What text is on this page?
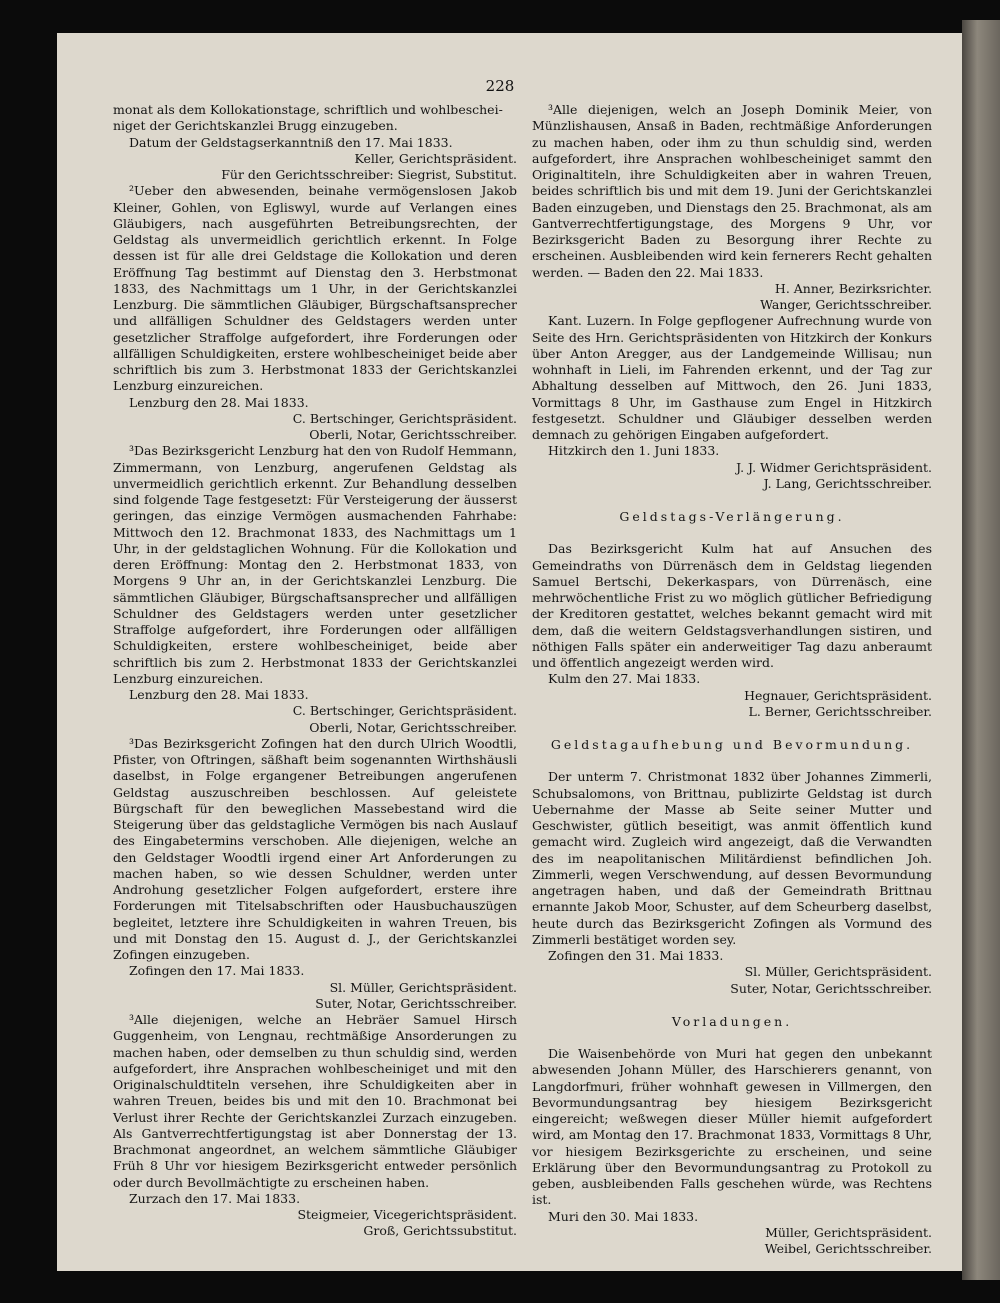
228

monat als dem Kollokationstage, schriftlich und wohlbeschei-

niget der Gerichtskanzlei Brugg einzugeben.

Datum der Geldstagserkanntniß den 17. Mai 1833.

Keller, Gerichtspräsident.

Für den Gerichtsschreiber: Siegrist, Substitut.

²Ueber den abwesenden, beinahe vermögenslosen Jakob Kleiner, Gohlen, von Egliswyl, wurde auf Verlangen eines Gläubigers, nach ausgeführten Betreibungsrechten, der Geldstag als unvermeidlich gerichtlich erkennt. In Folge dessen ist für alle drei Geldstage die Kollokation und deren Eröffnung Tag bestimmt auf Dienstag den 3. Herbstmonat 1833, des Nachmittags um 1 Uhr, in der Gerichtskanzlei Lenzburg. Die sämmtlichen Gläubiger, Bürgschaftsansprecher und allfälligen Schuldner des Geldstagers werden unter gesetzlicher Straffolge aufgefordert, ihre Forderungen oder allfälligen Schuldigkeiten, erstere wohlbescheiniget beide aber schriftlich bis zum 3. Herbstmonat 1833 der Gerichtskanzlei Lenzburg einzureichen.

Lenzburg den 28. Mai 1833.

C. Bertschinger, Gerichtspräsident.

Oberli, Notar, Gerichtsschreiber.

³Das Bezirksgericht Lenzburg hat den von Rudolf Hemmann, Zimmermann, von Lenzburg, angerufenen Geldstag als unvermeidlich gerichtlich erkennt. Zur Behandlung desselben sind folgende Tage festgesetzt: Für Versteigerung der äusserst geringen, das einzige Vermögen ausmachenden Fahrhabe: Mittwoch den 12. Brachmonat 1833, des Nachmittags um 1 Uhr, in der geldstaglichen Wohnung. Für die Kollokation und deren Eröffnung: Montag den 2. Herbstmonat 1833, von Morgens 9 Uhr an, in der Gerichtskanzlei Lenzburg. Die sämmtlichen Gläubiger, Bürgschaftsansprecher und allfälligen Schuldner des Geldstagers werden unter gesetzlicher Straffolge aufgefordert, ihre Forderungen oder allfälligen Schuldigkeiten, erstere wohlbescheiniget, beide aber schriftlich bis zum 2. Herbstmonat 1833 der Gerichtskanzlei Lenzburg einzureichen.

Lenzburg den 28. Mai 1833.

C. Bertschinger, Gerichtspräsident.

Oberli, Notar, Gerichtsschreiber.

³Das Bezirksgericht Zofingen hat den durch Ulrich Woodtli, Pfister, von Oftringen, säßhaft beim sogenannten Wirthshäusli daselbst, in Folge ergangener Betreibungen angerufenen Geldstag auszuschreiben beschlossen. Auf geleistete Bürgschaft für den beweglichen Massebestand wird die Steigerung über das geldstagliche Vermögen bis nach Auslauf des Eingabetermins verschoben. Alle diejenigen, welche an den Geldstager Woodtli irgend einer Art Anforderungen zu machen haben, so wie dessen Schuldner, werden unter Androhung gesetzlicher Folgen aufgefordert, erstere ihre Forderungen mit Titelsabschriften oder Hausbuchauszügen begleitet, letztere ihre Schuldigkeiten in wahren Treuen, bis und mit Donstag den 15. August d. J., der Gerichtskanzlei Zofingen einzugeben.

Zofingen den 17. Mai 1833.

Sl. Müller, Gerichtspräsident.

Suter, Notar, Gerichtsschreiber.

³Alle diejenigen, welche an Hebräer Samuel Hirsch Guggenheim, von Lengnau, rechtmäßige Ansorderungen zu machen haben, oder demselben zu thun schuldig sind, werden aufgefordert, ihre Ansprachen wohlbescheiniget und mit den Originalschuldtiteln versehen, ihre Schuldigkeiten aber in wahren Treuen, beides bis und mit den 10. Brachmonat bei Verlust ihrer Rechte der Gerichtskanzlei Zurzach einzugeben. Als Gantverrechtfertigungstag ist aber Donnerstag der 13. Brachmonat angeordnet, an welchem sämmtliche Gläubiger Früh 8 Uhr vor hiesigem Bezirksgericht entweder persönlich oder durch Bevollmächtigte zu erscheinen haben.

Zurzach den 17. Mai 1833.

Steigmeier, Vicegerichtspräsident.

Groß, Gerichtssubstitut.

³Alle diejenigen, welch an Joseph Dominik Meier, von Münzlishausen, Ansaß in Baden, rechtmäßige Anforderungen zu machen haben, oder ihm zu thun schuldig sind, werden aufgefordert, ihre Ansprachen wohlbescheiniget sammt den Originaltiteln, ihre Schuldigkeiten aber in wahren Treuen, beides schriftlich bis und mit dem 19. Juni der Gerichtskanzlei Baden einzugeben, und Dienstags den 25. Brachmonat, als am Gantverrechtfertigungstage, des Morgens 9 Uhr, vor Bezirksgericht Baden zu Besorgung ihrer Rechte zu erscheinen. Ausbleibenden wird kein fernerers Recht gehalten werden. — Baden den 22. Mai 1833.

H. Anner, Bezirksrichter.

Wanger, Gerichtsschreiber.

Kant. Luzern. In Folge gepflogener Aufrechnung wurde von Seite des Hrn. Gerichtspräsidenten von Hitzkirch der Konkurs über Anton Aregger, aus der Landgemeinde Willisau; nun wohnhaft in Lieli, im Fahrenden erkennt, und der Tag zur Abhaltung desselben auf Mittwoch, den 26. Juni 1833, Vormittags 8 Uhr, im Gasthause zum Engel in Hitzkirch festgesetzt. Schuldner und Gläubiger desselben werden demnach zu gehörigen Eingaben aufgefordert.

Hitzkirch den 1. Juni 1833.

J. J. Widmer Gerichtspräsident.

J. Lang, Gerichtsschreiber.

Geldstags-Verlängerung.

Das Bezirksgericht Kulm hat auf Ansuchen des Gemeindraths von Dürrenäsch dem in Geldstag liegenden Samuel Bertschi, Dekerkaspars, von Dürrenäsch, eine mehrwöchentliche Frist zu wo möglich gütlicher Befriedigung der Kreditoren gestattet, welches bekannt gemacht wird mit dem, daß die weitern Geldstagsverhandlungen sistiren, und nöthigen Falls später ein anderweitiger Tag dazu anberaumt und öffentlich angezeigt werden wird.

Kulm den 27. Mai 1833.

Hegnauer, Gerichtspräsident.

L. Berner, Gerichtsschreiber.

Geldstagaufhebung und Bevormundung.

Der unterm 7. Christmonat 1832 über Johannes Zimmerli, Schubsalomons, von Brittnau, publizirte Geldstag ist durch Uebernahme der Masse ab Seite seiner Mutter und Geschwister, gütlich beseitigt, was anmit öffentlich kund gemacht wird. Zugleich wird angezeigt, daß die Verwandten des im neapolitanischen Militärdienst befindlichen Joh. Zimmerli, wegen Verschwendung, auf dessen Bevormundung angetragen haben, und daß der Gemeindrath Brittnau ernannte Jakob Moor, Schuster, auf dem Scheurberg daselbst, heute durch das Bezirksgericht Zofingen als Vormund des Zimmerli bestätiget worden sey.

Zofingen den 31. Mai 1833.

Sl. Müller, Gerichtspräsident.

Suter, Notar, Gerichtsschreiber.

Vorladungen.

Die Waisenbehörde von Muri hat gegen den unbekannt abwesenden Johann Müller, des Harschierers genannt, von Langdorfmuri, früher wohnhaft gewesen in Villmergen, den Bevormundungsantrag bey hiesigem Bezirksgericht eingereicht; weßwegen dieser Müller hiemit aufgefordert wird, am Montag den 17. Brachmonat 1833, Vormittags 8 Uhr, vor hiesigem Bezirksgerichte zu erscheinen, und seine Erklärung über den Bevormundungsantrag zu Protokoll zu geben, ausbleibenden Falls geschehen würde, was Rechtens ist.

Muri den 30. Mai 1833.

Müller, Gerichtspräsident.

Weibel, Gerichtsschreiber.
